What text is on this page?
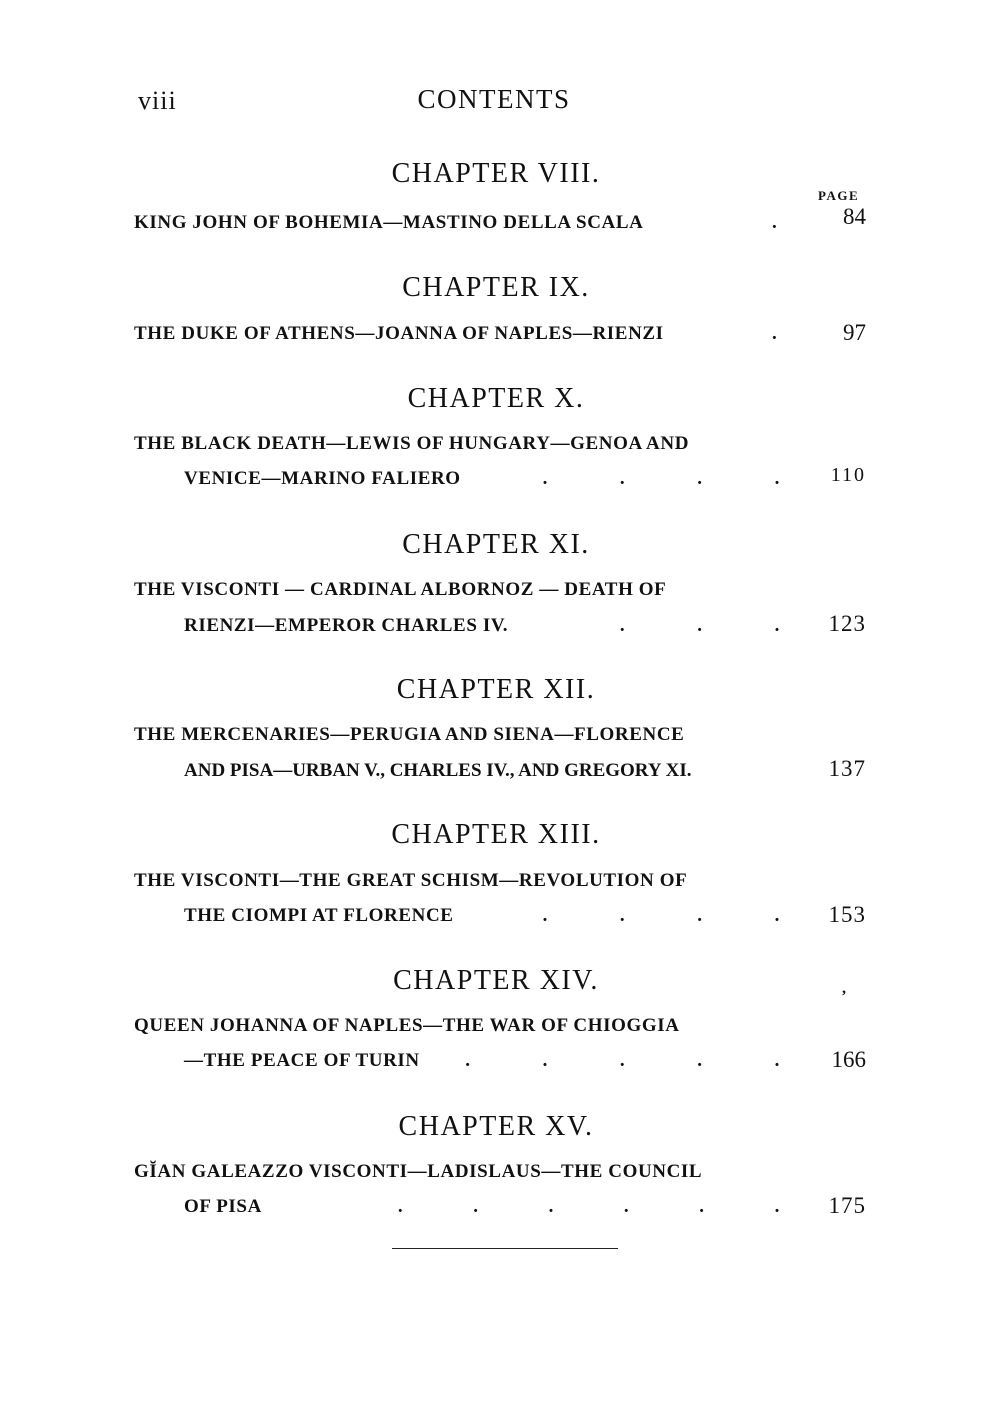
viii	CONTENTS
PAGE
CHAPTER VIII.
KING JOHN OF BOHEMIA—MASTINO DELLA SCALA	.	84
CHAPTER IX.
THE DUKE OF ATHENS—JOANNA OF NAPLES—RIENZI	.	97
CHAPTER X.
THE BLACK DEATH—LEWIS OF HUNGARY—GENOA AND
VENICE—MARINO FALIERO	.	.	.	.	110
CHAPTER XI.
THE VISCONTI — CARDINAL ALBORNOZ — DEATH OF
RIENZI—EMPEROR CHARLES IV.	.	.	.	123
CHAPTER XII.
THE MERCENARIES—PERUGIA AND SIENA—FLORENCE
AND PISA—URBAN V., CHARLES IV., AND GREGORY XI.	137
CHAPTER XIII.
THE VISCONTI—THE GREAT SCHISM—REVOLUTION OF
THE CIOMPI AT FLORENCE	.	.	.	.	153
CHAPTER XIV.	,
QUEEN JOHANNA OF NAPLES—THE WAR OF CHIOGGIA
—THE PEACE OF TURIN .	.	.	.	.	166
CHAPTER XV.
GĬAN GALEAZZO VISCONTI—LADISLAUS—THE COUNCIL
OF PISA	.	.	.	.	.	.	175
